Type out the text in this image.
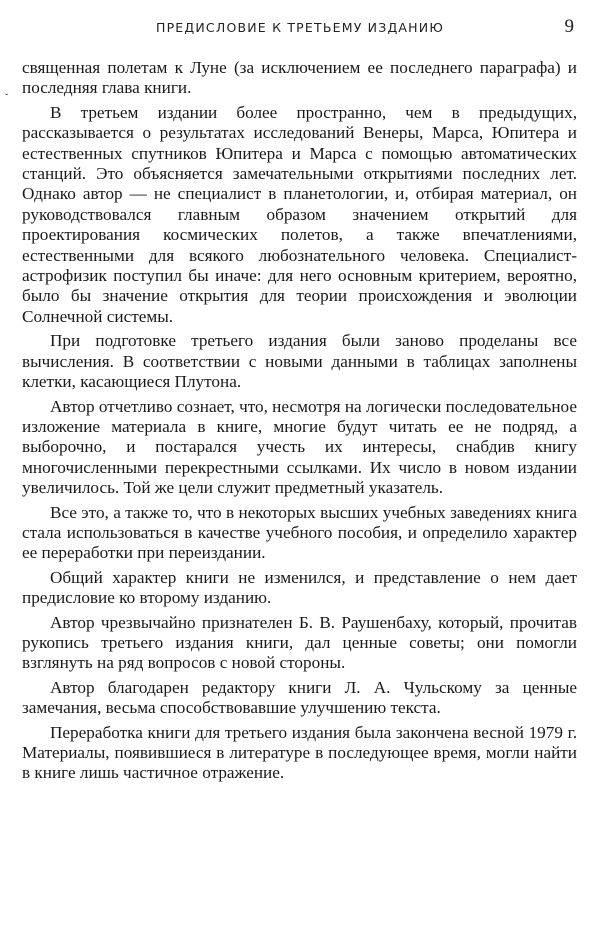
ПРЕДИСЛОВИЕ К ТРЕТЬЕМУ ИЗДАНИЮ	9
ˇ

священная полетам к Луне (за исключением ее последнего параграфа) и последняя глава книги.

В третьем издании более пространно, чем в предыдущих, рассказывается о результатах исследований Венеры, Марса, Юпитера и естественных спутников Юпитера и Марса с помощью автоматических станций. Это объясняется замечательными открытиями последних лет. Однако автор — не специалист в планетологии, и, отбирая материал, он руководствовался главным образом значением открытий для проектирования космических полетов, а также впечатлениями, естественными для всякого любознательного человека. Специалист-астрофизик поступил бы иначе: для него основным критерием, вероятно, было бы значение открытия для теории происхождения и эволюции Солнечной системы.

При подготовке третьего издания были заново проделаны все вычисления. В соответствии с новыми данными в таблицах заполнены клетки, касающиеся Плутона.

Автор отчетливо сознает, что, несмотря на логически последовательное изложение материала в книге, многие будут читать ее не подряд, а выборочно, и постарался учесть их интересы, снабдив книгу многочисленными перекрестными ссылками. Их число в новом издании увеличилось. Той же цели служит предметный указатель.

Все это, а также то, что в некоторых высших учебных заведениях книга стала использоваться в качестве учебного пособия, и определило характер ее переработки при переиздании.

Общий характер книги не изменился, и представление о нем дает предисловие ко второму изданию.

Автор чрезвычайно признателен Б. В. Раушенбаху, который, прочитав рукопись третьего издания книги, дал ценные советы; они помогли взглянуть на ряд вопросов с новой стороны.

Автор благодарен редактору книги Л. А. Чульскому за ценные замечания, весьма способствовавшие улучшению текста.

Переработка книги для третьего издания была закончена весной 1979 г. Материалы, появившиеся в литературе в последующее время, могли найти в книге лишь частичное отражение.
